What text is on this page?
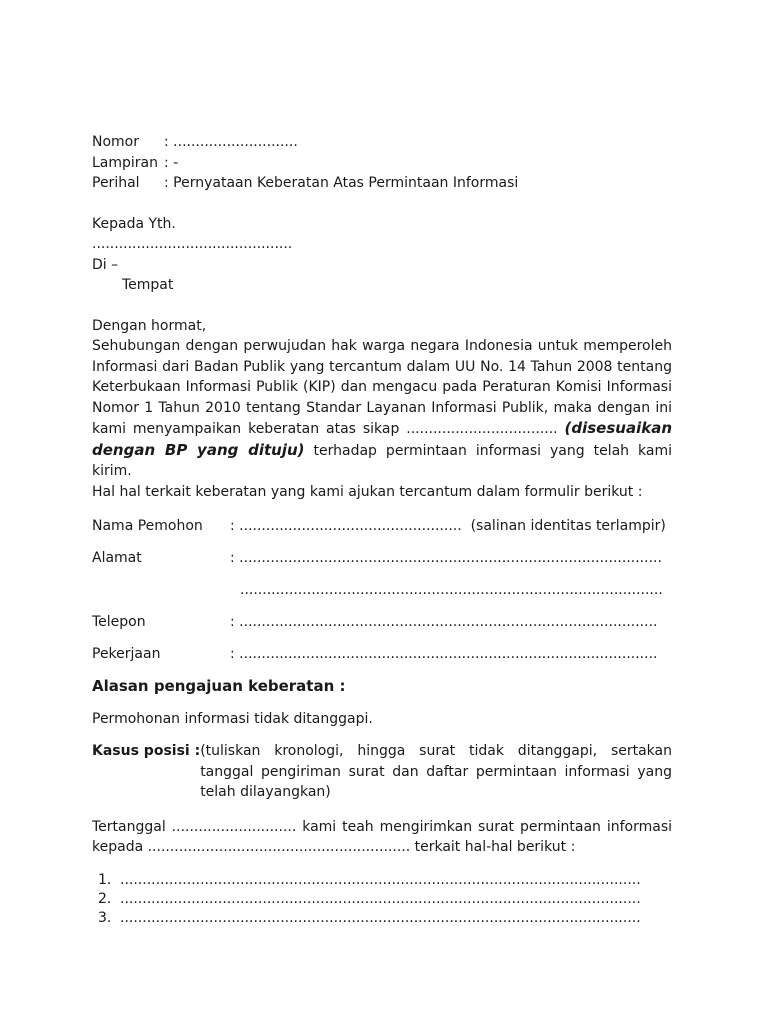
Nomor	: ............................
Lampiran : -
Perihal	: Pernyataan Keberatan Atas Permintaan Informasi
Kepada Yth.
.............................................
Di –
Tempat
Dengan hormat,
Sehubungan dengan perwujudan hak warga negara Indonesia untuk memperoleh Informasi dari Badan Publik yang tercantum dalam UU No. 14 Tahun 2008 tentang Keterbukaan Informasi Publik (KIP) dan mengacu pada Peraturan Komisi Informasi Nomor 1 Tahun 2010 tentang Standar Layanan Informasi Publik, maka dengan ini kami menyampaikan keberatan atas sikap .................................. (disesuaikan dengan BP yang dituju) terhadap permintaan informasi yang telah kami kirim.
Hal hal terkait keberatan yang kami ajukan tercantum dalam formulir berikut :
Nama Pemohon	: .................................................. (salinan identitas terlampir)
Alamat	: ...............................................................................................
...............................................................................................
Telepon	: ..............................................................................................
Pekerjaan	: ..............................................................................................
Alasan pengajuan keberatan :
Permohonan informasi tidak ditanggapi.
Kasus posisi : (tuliskan kronologi, hingga surat tidak ditanggapi, sertakan tanggal pengiriman surat dan daftar permintaan informasi yang telah dilayangkan)
Tertanggal ............................ kami teah mengirimkan surat permintaan informasi kepada ........................................................... terkait hal-hal berikut :
1. .....................................................................................................................
2. .....................................................................................................................
3. .....................................................................................................................
